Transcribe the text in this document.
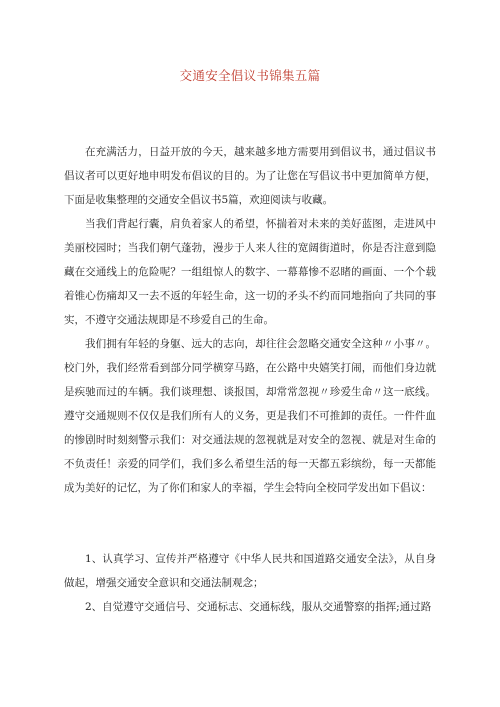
交通安全倡议书锦集五篇

在充满活力，日益开放的今天，越来越多地方需要用到倡议书，通过倡议书倡议者可以更好地申明发布倡议的目的。为了让您在写倡议书中更加简单方便，下面是收集整理的交通安全倡议书5篇，欢迎阅读与收藏。

当我们背起行囊，肩负着家人的希望，怀揣着对未来的美好蓝图，走进风中美丽校园时；当我们朝气蓬勃，漫步于人来人往的宽阔街道时，你是否注意到隐藏在交通线上的危险呢？一组组惊人的数字、一幕幕惨不忍睹的画面、一个个载着锥心伤痛却又一去不返的年轻生命，这一切的矛头不约而同地指向了共同的事实，不遵守交通法规即是不珍爱自己的生命。

我们拥有年轻的身躯、远大的志向，却往往会忽略交通安全这种〃小事〃。校门外，我们经常看到部分同学横穿马路，在公路中央嬉笑打闹，而他们身边就是疾驰而过的车辆。我们谈理想、谈报国，却常常忽视〃珍爱生命〃这一底线。遵守交通规则不仅仅是我们所有人的义务，更是我们不可推卸的责任。一件件血的惨剧时时刻刻警示我们：对交通法规的忽视就是对安全的忽视、就是对生命的不负责任！亲爱的同学们，我们多么希望生活的每一天都五彩缤纷，每一天都能成为美好的记忆，为了你们和家人的幸福，学生会特向全校同学发出如下倡议：

1、认真学习、宣传并严格遵守《中华人民共和国道路交通安全法》，从自身做起，增强交通安全意识和交通法制观念；

2、自觉遵守交通信号、交通标志、交通标线，服从交通警察的指挥;通过路
